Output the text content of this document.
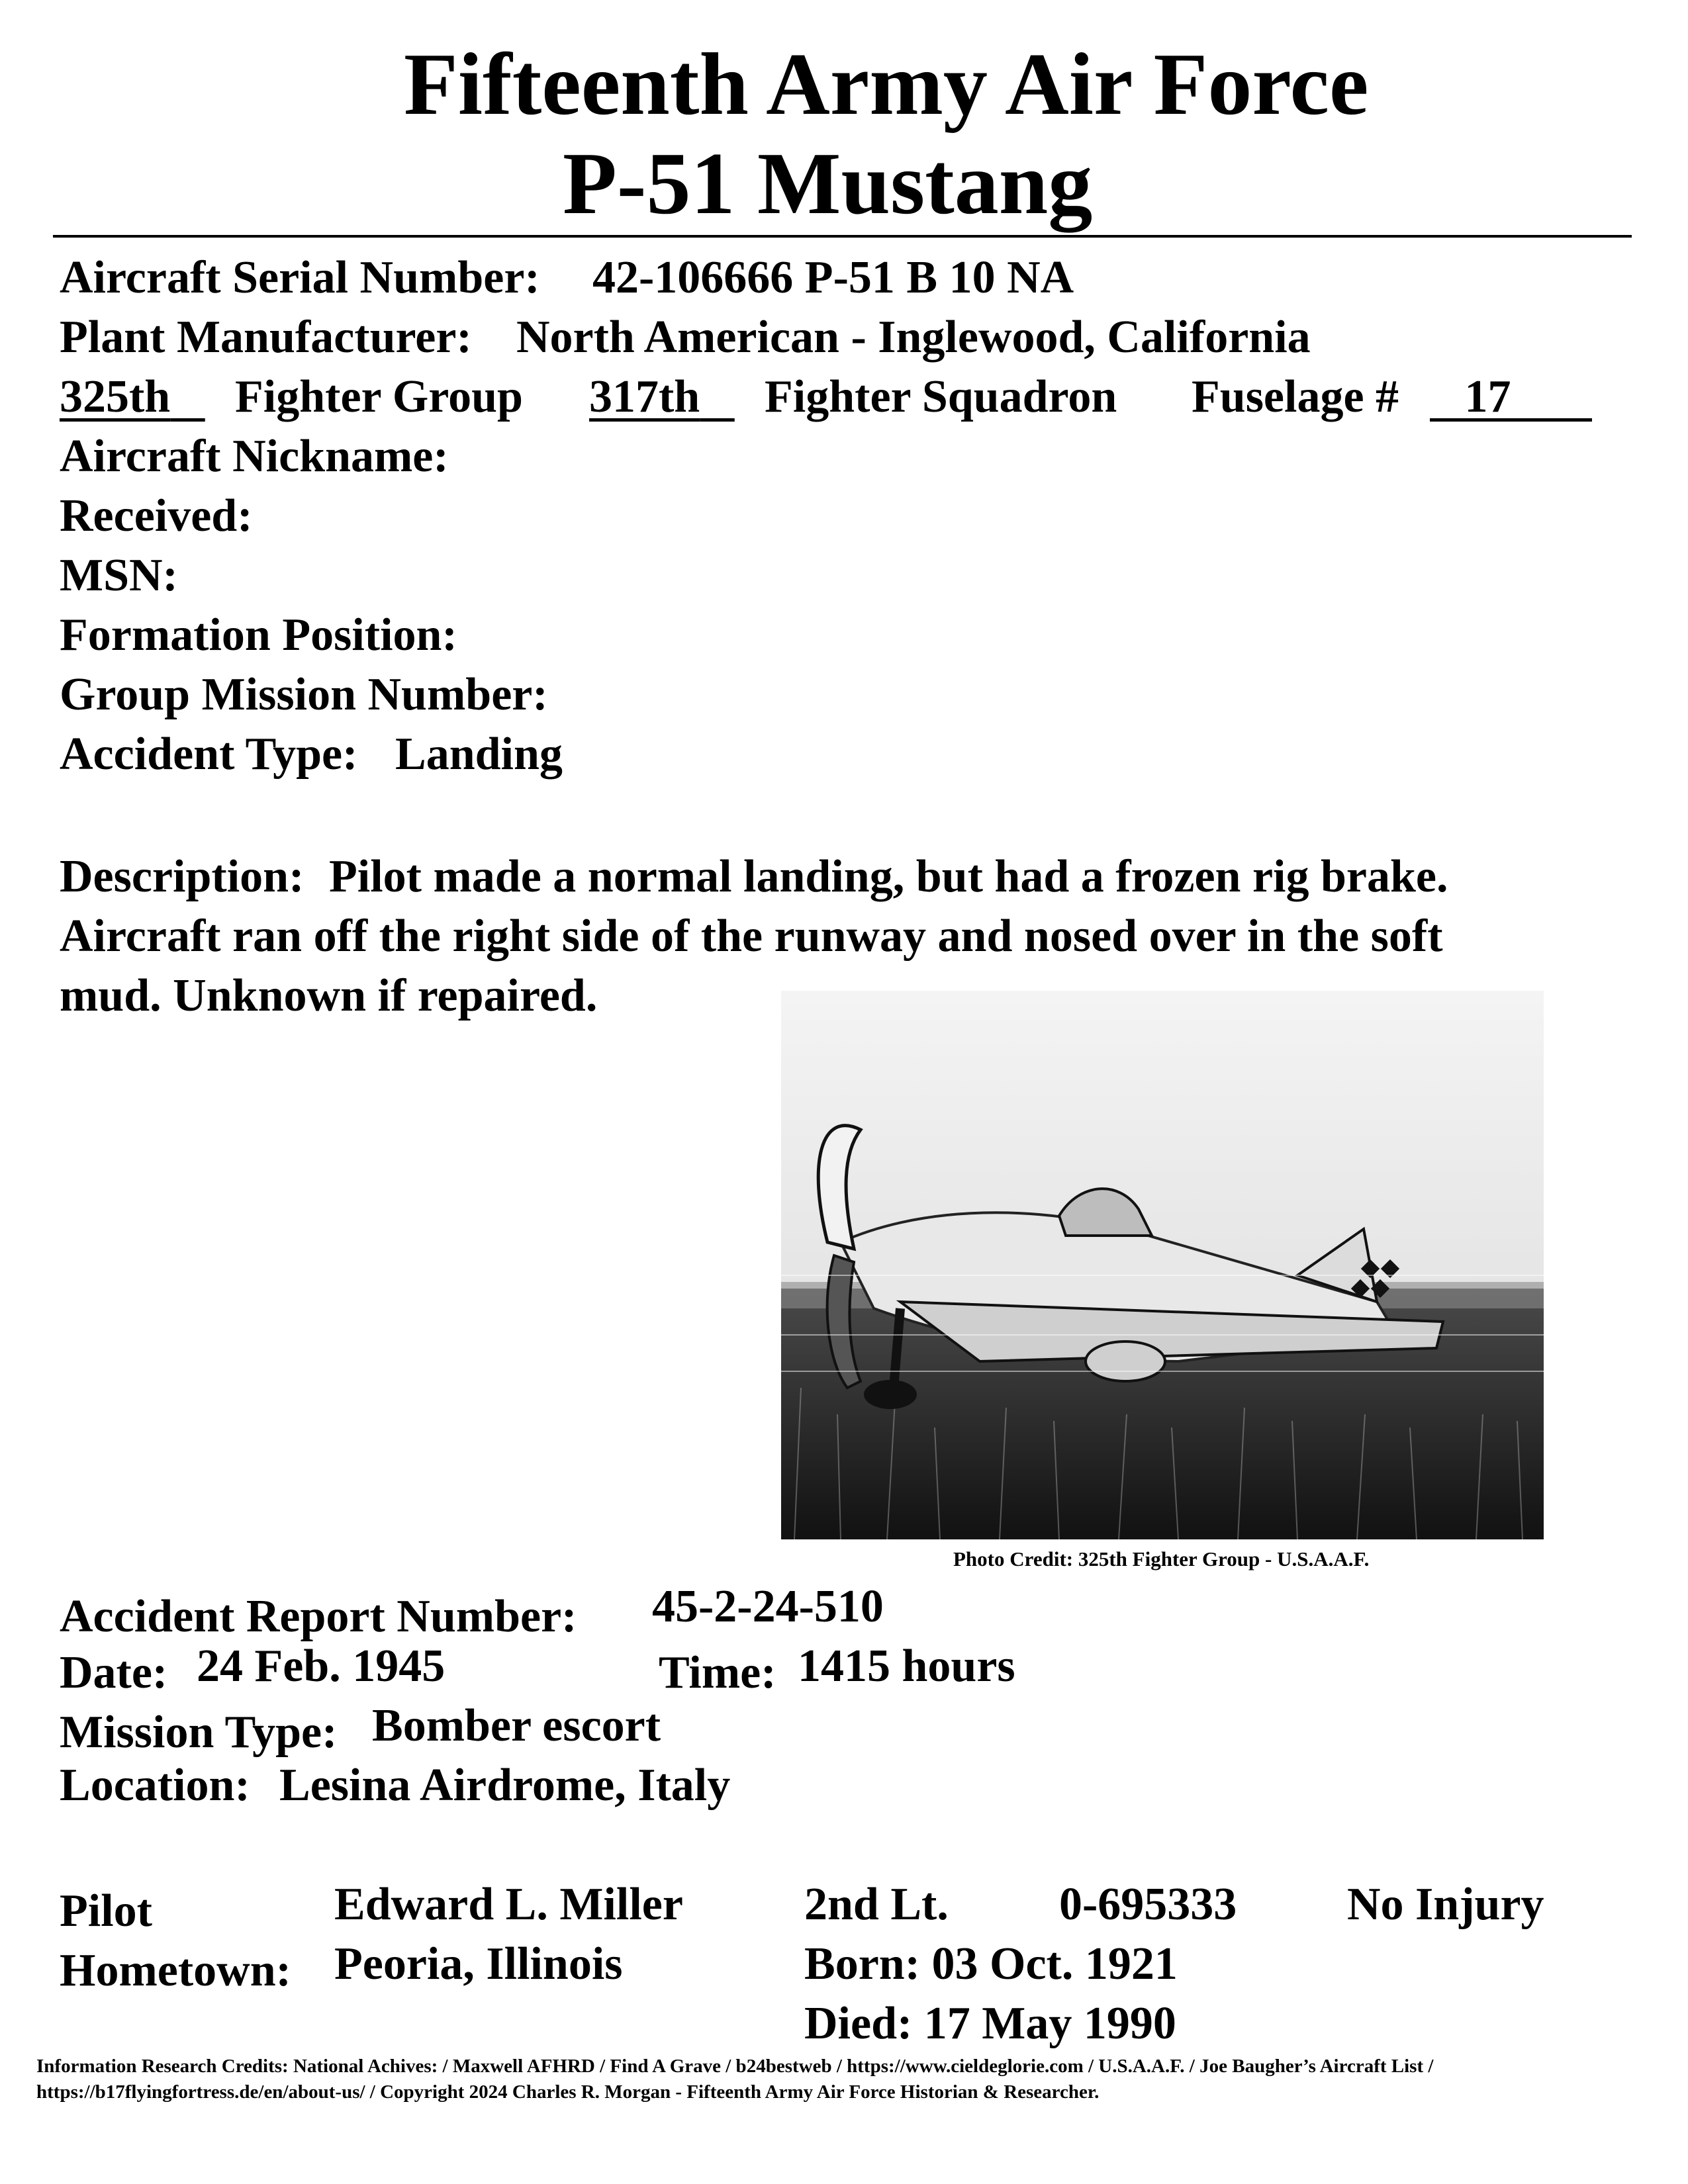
Fifteenth Army Air Force
P-51 Mustang
Aircraft Serial Number: 42-106666 P-51 B 10 NA
Plant Manufacturer: North American - Inglewood, California
325th	Fighter Group 317th	Fighter Squadron Fuselage #	17
Aircraft Nickname:
Received:
MSN:
Formation Position:
Group Mission Number:
Accident Type: Landing
Description: Pilot made a normal landing, but had a frozen rig brake.
Aircraft ran off the right side of the runway and nosed over in the soft
mud. Unknown if repaired.
Photo Credit: 325th Fighter Group - U.S.A.A.F.
Accident Report Number: 45-2-24-510
Date: 24 Feb. 1945	Time: 1415 hours
Mission Type: Bomber escort
Location: Lesina Airdrome, Italy
Pilot	Edward L. Miller	2nd Lt. 0-695333 No Injury
Hometown: Peoria, Illinois	Born: 03 Oct. 1921
Died: 17 May 1990
Information Research Credits: National Achives: / Maxwell AFHRD / Find A Grave / b24bestweb / https://www.cieldeglorie.com / U.S.A.A.F. / Joe Baugher’s Aircraft List /
https://b17flyingfortress.de/en/about-us/ / Copyright 2024 Charles R. Morgan - Fifteenth Army Air Force Historian & Researcher.
